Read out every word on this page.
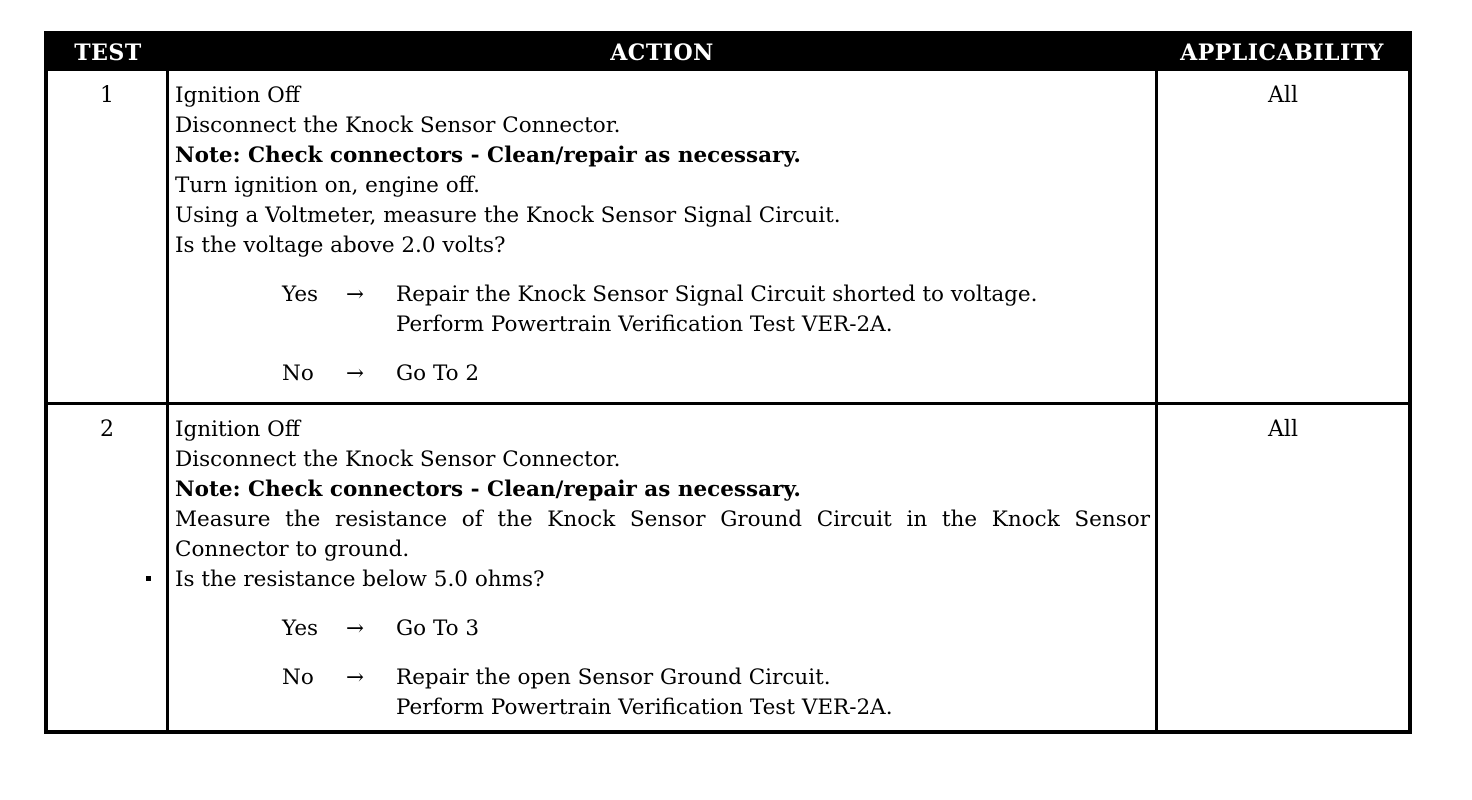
TEST	ACTION	APPLICABILITY
1	Ignition Off
Disconnect the Knock Sensor Connector.
Note: Check connectors - Clean/repair as necessary.
Turn ignition on, engine off.
Using a Voltmeter, measure the Knock Sensor Signal Circuit.
Is the voltage above 2.0 volts?
Yes → Repair the Knock Sensor Signal Circuit shorted to voltage.
Perform Powertrain Verification Test VER-2A.
No → Go To 2
All
2	Ignition Off
Disconnect the Knock Sensor Connector.
Note: Check connectors - Clean/repair as necessary.
Measure the resistance of the Knock Sensor Ground Circuit in the Knock Sensor Connector to ground.
Is the resistance below 5.0 ohms?
Yes → Go To 3
No → Repair the open Sensor Ground Circuit.
Perform Powertrain Verification Test VER-2A.
All
